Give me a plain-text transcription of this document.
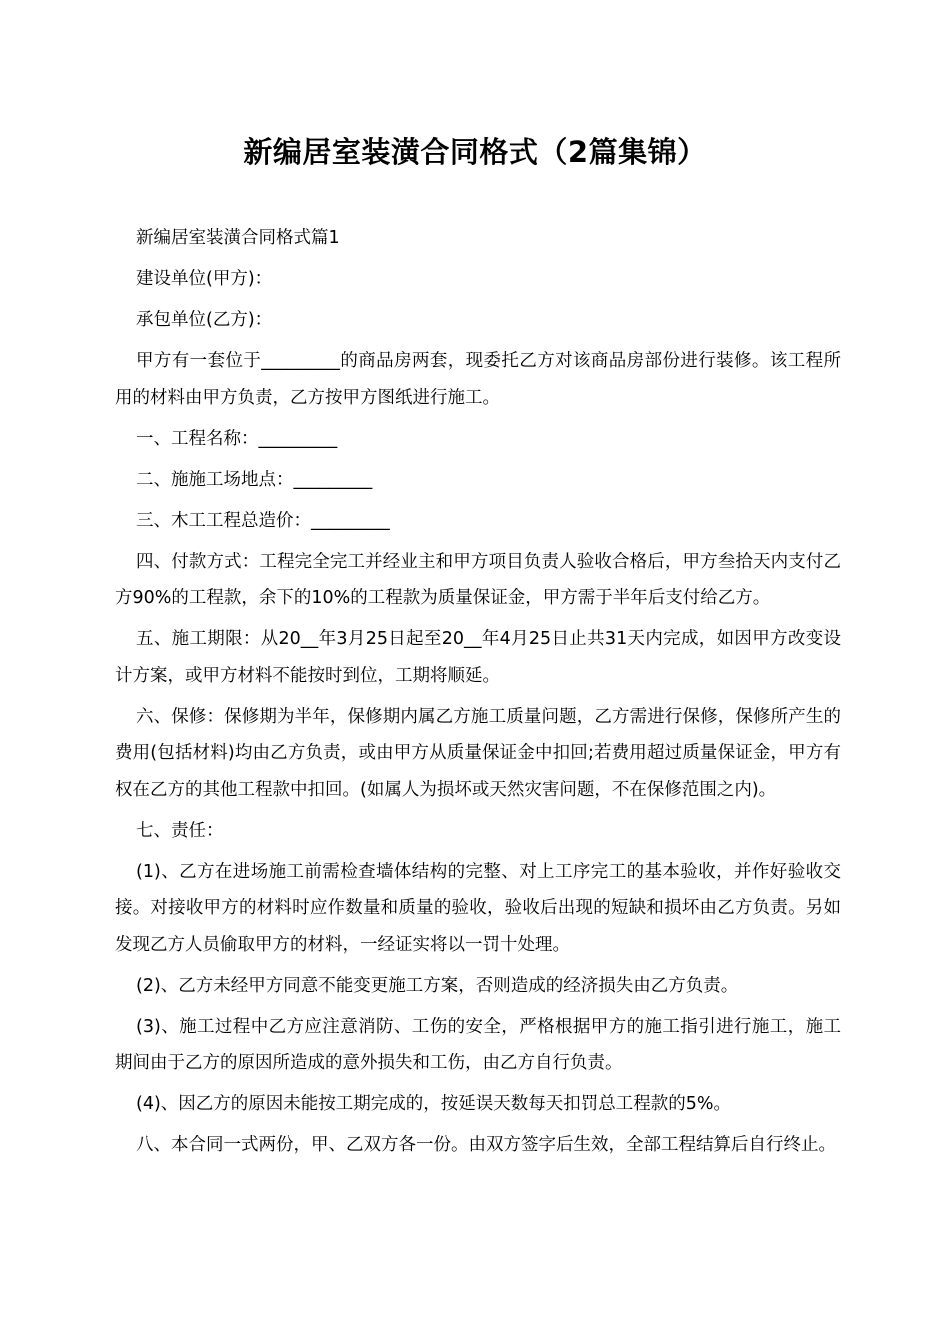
新编居室装潢合同格式（2篇集锦）

新编居室装潢合同格式篇1

建设单位(甲方)：

承包单位(乙方)：

甲方有一套位于_________的商品房两套，现委托乙方对该商品房部份进行装修。该工程所用的材料由甲方负责，乙方按甲方图纸进行施工。

一、工程名称：_________

二、施施工场地点：_________

三、木工工程总造价：_________

四、付款方式：工程完全完工并经业主和甲方项目负责人验收合格后，甲方叁拾天内支付乙方90%的工程款，余下的10%的工程款为质量保证金，甲方需于半年后支付给乙方。

五、施工期限：从20__年3月25日起至20__年4月25日止共31天内完成，如因甲方改变设计方案，或甲方材料不能按时到位，工期将顺延。

六、保修：保修期为半年，保修期内属乙方施工质量问题，乙方需进行保修，保修所产生的费用(包括材料)均由乙方负责，或由甲方从质量保证金中扣回;若费用超过质量保证金，甲方有权在乙方的其他工程款中扣回。(如属人为损坏或天然灾害问题，不在保修范围之内)。

七、责任：

(1)、乙方在进场施工前需检查墙体结构的完整、对上工序完工的基本验收，并作好验收交接。对接收甲方的材料时应作数量和质量的验收，验收后出现的短缺和损坏由乙方负责。另如发现乙方人员偷取甲方的材料，一经证实将以一罚十处理。

(2)、乙方未经甲方同意不能变更施工方案，否则造成的经济损失由乙方负责。

(3)、施工过程中乙方应注意消防、工伤的安全，严格根据甲方的施工指引进行施工，施工期间由于乙方的原因所造成的意外损失和工伤，由乙方自行负责。

(4)、因乙方的原因未能按工期完成的，按延误天数每天扣罚总工程款的5%。

八、本合同一式两份，甲、乙双方各一份。由双方签字后生效，全部工程结算后自行终止。
